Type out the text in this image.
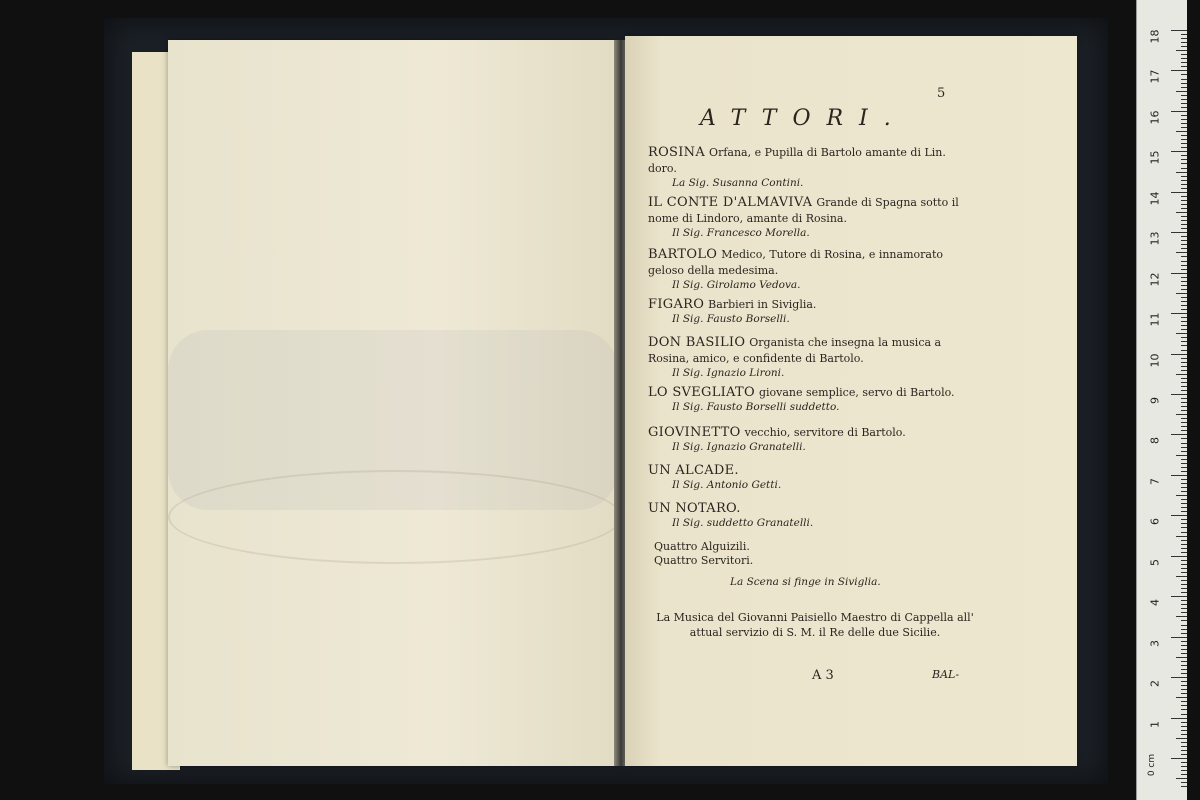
5
ATTORI.
ROSINA Orfana, e Pupilla di Bartolo amante di Lin. doro.
La Sig. Susanna Contini.
IL CONTE D'ALMAVIVA Grande di Spagna sotto il nome di Lindoro, amante di Rosina.
Il Sig. Francesco Morella.
BARTOLO Medico, Tutore di Rosina, e innamorato geloso della medesima.
Il Sig. Girolamo Vedova.
FIGARO Barbieri in Siviglia.
Il Sig. Fausto Borselli.
DON BASILIO Organista che insegna la musica a Rosina, amico, e confidente di Bartolo.
Il Sig. Ignazio Lironi.
LO SVEGLIATO giovane semplice, servo di Bartolo.
Il Sig. Fausto Borselli suddetto.
GIOVINETTO vecchio, servitore di Bartolo.
Il Sig. Ignazio Granatelli.
UN ALCADE.
Il Sig. Antonio Getti.
UN NOTARO.
Il Sig. suddetto Granatelli.
Quattro Alguizili.
Quattro Servitori.
La Scena si finge in Siviglia.
La Musica del Giovanni Paisiello Maestro di Cappella all' attual servizio di S. M. il Re delle due Sicilie.
A 3	BAL-
0 cm
18
17
16
15
14
13
12
11
10
9
8
7
6
5
4
3
2
1
